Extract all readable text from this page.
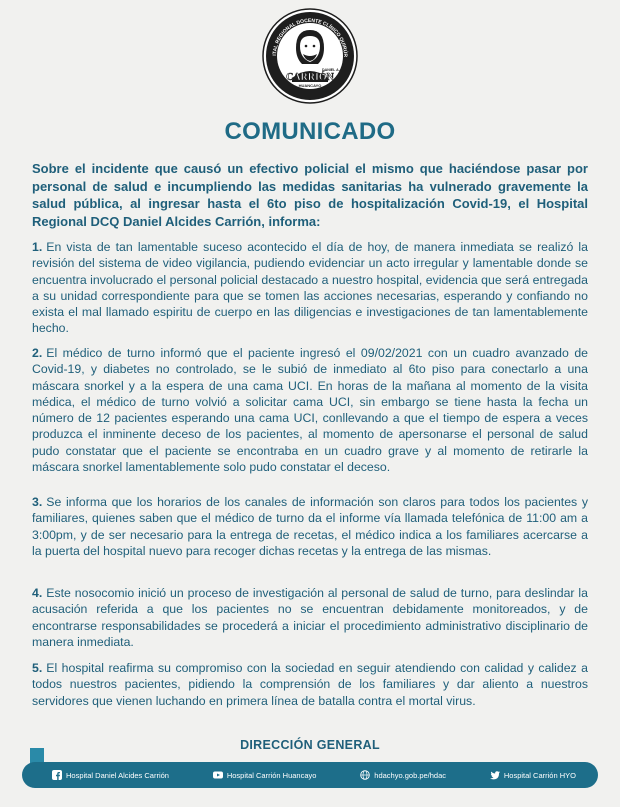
ITAL REGIONAL DOCENTE CLÍNICO QUIRÚR
DANIEL A.
CARRIÓN
HUANCAYO
COMUNICADO

Sobre el incidente que causó un efectivo policial el mismo que haciéndose pasar por personal de salud e incumpliendo las medidas sanitarias ha vulnerado gravemente la salud pública, al ingresar hasta el 6to piso de hospitalización Covid-19, el Hospital Regional DCQ Daniel Alcides Carrión, informa:

1. En vista de tan lamentable suceso acontecido el día de hoy, de manera inmediata se realizó la revisión del sistema de video vigilancia, pudiendo evidenciar un acto irregular y lamentable donde se encuentra involucrado el personal policial destacado a nuestro hospital, evidencia que será entregada a su unidad correspondiente para que se tomen las acciones necesarias, esperando y confiando no exista el mal llamado espiritu de cuerpo en las diligencias e investigaciones de tan lamentablemente hecho.

2. El médico de turno informó que el paciente ingresó el 09/02/2021 con un cuadro avanzado de Covid-19, y diabetes no controlado, se le subió de inmediato al 6to piso para conectarlo a una máscara snorkel y a la espera de una cama UCI. En horas de la mañana al momento de la visita médica, el médico de turno volvió a solicitar cama UCI, sin embargo se tiene hasta la fecha un número de 12 pacientes esperando una cama UCI, conllevando a que el tiempo de espera a veces produzca el inminente deceso de los pacientes, al momento de apersonarse el personal de salud pudo constatar que el paciente se encontraba en un cuadro grave y al momento de retirarle la máscara snorkel lamentablemente solo pudo constatar el deceso.

3. Se informa que los horarios de los canales de información son claros para todos los pacientes y familiares, quienes saben que el médico de turno da el informe vía llamada telefónica de 11:00 am a 3:00pm, y de ser necesario para la entrega de recetas, el médico indica a los familiares acercarse a la puerta del hospital nuevo para recoger dichas recetas y la entrega de las mismas.

4. Este nosocomio inició un proceso de investigación al personal de salud de turno, para deslindar la acusación referida a que los pacientes no se encuentran debidamente monitoreados, y de encontrarse responsabilidades se procederá a iniciar el procedimiento administrativo disciplinario de manera inmediata.

5. El hospital reafirma su compromiso con la sociedad en seguir atendiendo con calidad y calidez a todos nuestros pacientes, pidiendo la comprensión de los familiares y dar aliento a nuestros servidores que vienen luchando en primera línea de batalla contra el mortal virus.

DIRECCIÓN GENERAL
Hospital Daniel Alcides Carrión	Hospital Carrión Huancayo	hdachyo.gob.pe/hdac	Hospital Carrión HYO
